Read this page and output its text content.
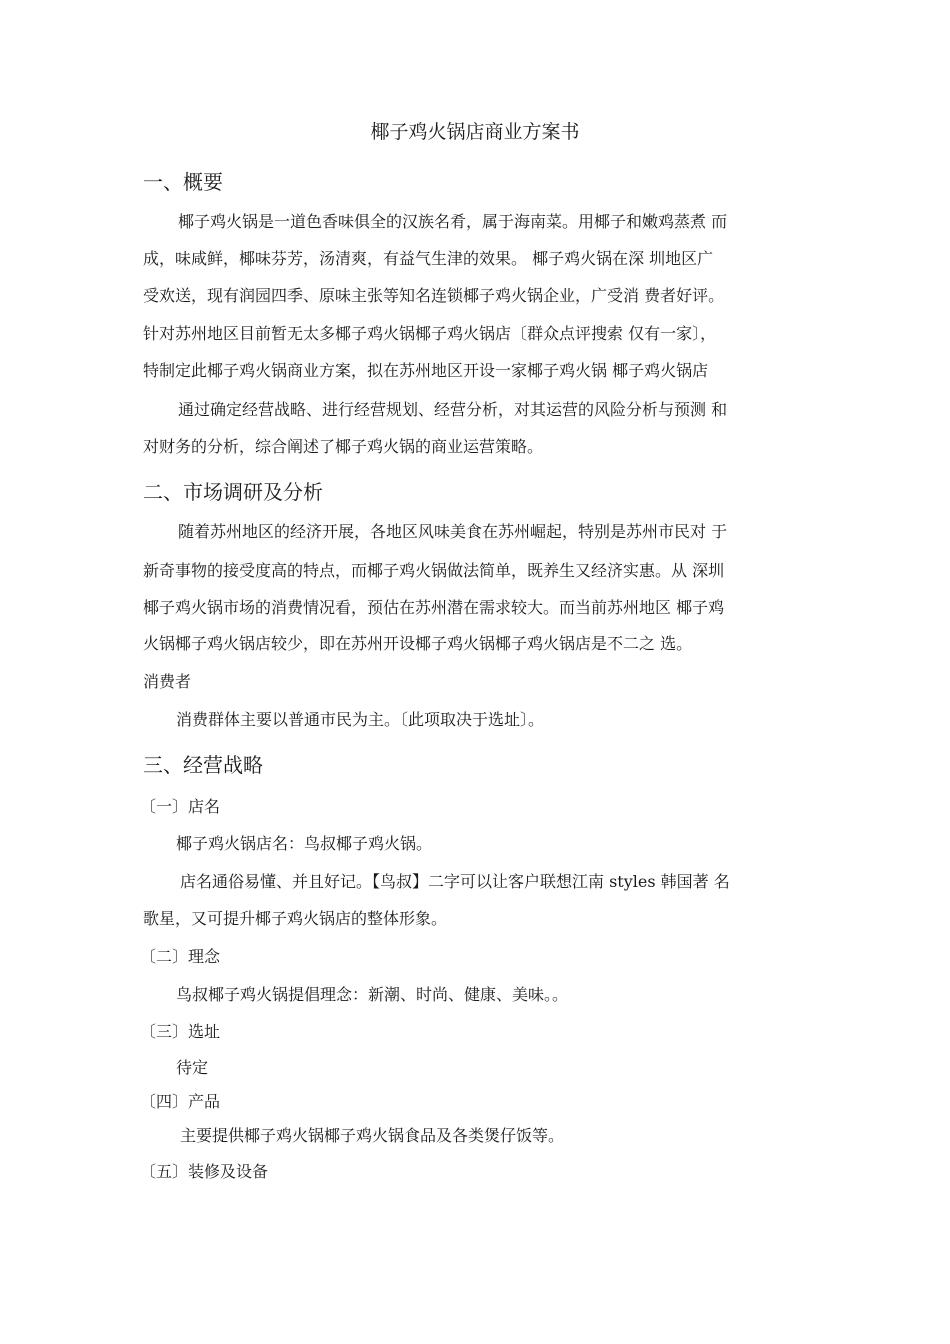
椰子鸡火锅店商业方案书
一、概要
椰子鸡火锅是一道色香味俱全的汉族名肴，属于海南菜。用椰子和嫩鸡蒸煮 而
成，味咸鲜，椰味芬芳，汤清爽，有益气生津的效果。 椰子鸡火锅在深 圳地区广
受欢送，现有润园四季、原味主张等知名连锁椰子鸡火锅企业，广受消 费者好评。
针对苏州地区目前暂无太多椰子鸡火锅椰子鸡火锅店〔群众点评搜索 仅有一家〕，
特制定此椰子鸡火锅商业方案，拟在苏州地区开设一家椰子鸡火锅 椰子鸡火锅店
通过确定经营战略、进行经营规划、经营分析，对其运营的风险分析与预测 和
对财务的分析，综合阐述了椰子鸡火锅的商业运营策略。
二、市场调研及分析
随着苏州地区的经济开展，各地区风味美食在苏州崛起，特别是苏州市民对 于
新奇事物的接受度高的特点，而椰子鸡火锅做法简单，既养生又经济实惠。从 深圳
椰子鸡火锅市场的消费情况看，预估在苏州潜在需求较大。而当前苏州地区 椰子鸡
火锅椰子鸡火锅店较少，即在苏州开设椰子鸡火锅椰子鸡火锅店是不二之 选。
消费者
消费群体主要以普通市民为主。〔此项取决于选址〕。
三、经营战略
〔一〕店名
椰子鸡火锅店名：鸟叔椰子鸡火锅。
店名通俗易懂、并且好记。【鸟叔】二字可以让客户联想江南 styles 韩国著 名
歌星，又可提升椰子鸡火锅店的整体形象。
〔二〕理念
鸟叔椰子鸡火锅提倡理念：新潮、时尚、健康、美味。。
〔三〕选址
待定
〔四〕产品
主要提供椰子鸡火锅椰子鸡火锅食品及各类煲仔饭等。
〔五〕装修及设备
